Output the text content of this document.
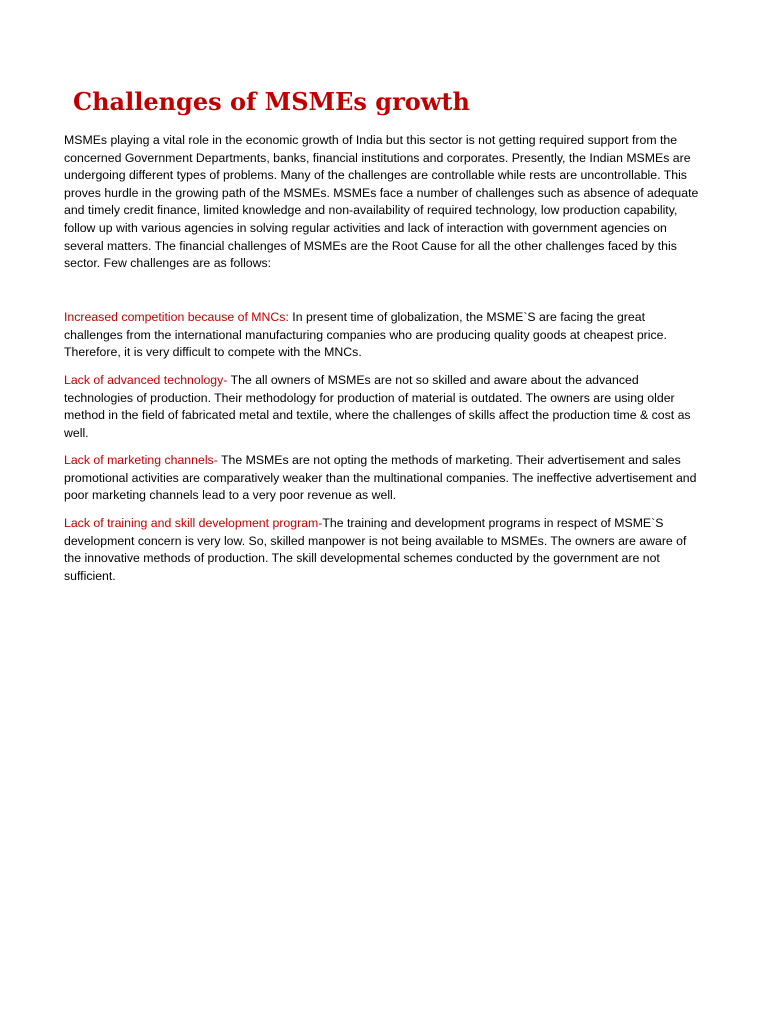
Challenges of MSMEs growth

MSMEs playing a vital role in the economic growth of India but this sector is not getting required support from the concerned Government Departments, banks, financial institutions and corporates. Presently, the Indian MSMEs are undergoing different types of problems. Many of the challenges are controllable while rests are uncontrollable. This proves hurdle in the growing path of the MSMEs. MSMEs face a number of challenges such as absence of adequate and timely credit finance, limited knowledge and non-availability of required technology, low production capability, follow up with various agencies in solving regular activities and lack of interaction with government agencies on several matters. The financial challenges of MSMEs are the Root Cause for all the other challenges faced by this sector. Few challenges are as follows:

Increased competition because of MNCs: In present time of globalization, the MSME`S are facing the great challenges from the international manufacturing companies who are producing quality goods at cheapest price. Therefore, it is very difficult to compete with the MNCs.

Lack of advanced technology- The all owners of MSMEs are not so skilled and aware about the advanced technologies of production. Their methodology for production of material is outdated. The owners are using older method in the field of fabricated metal and textile, where the challenges of skills affect the production time & cost as well.

Lack of marketing channels- The MSMEs are not opting the methods of marketing. Their advertisement and sales promotional activities are comparatively weaker than the multinational companies. The ineffective advertisement and poor marketing channels lead to a very poor revenue as well.

Lack of training and skill development program-The training and development programs in respect of MSME`S development concern is very low. So, skilled manpower is not being available to MSMEs. The owners are aware of the innovative methods of production. The skill developmental schemes conducted by the government are not sufficient.
